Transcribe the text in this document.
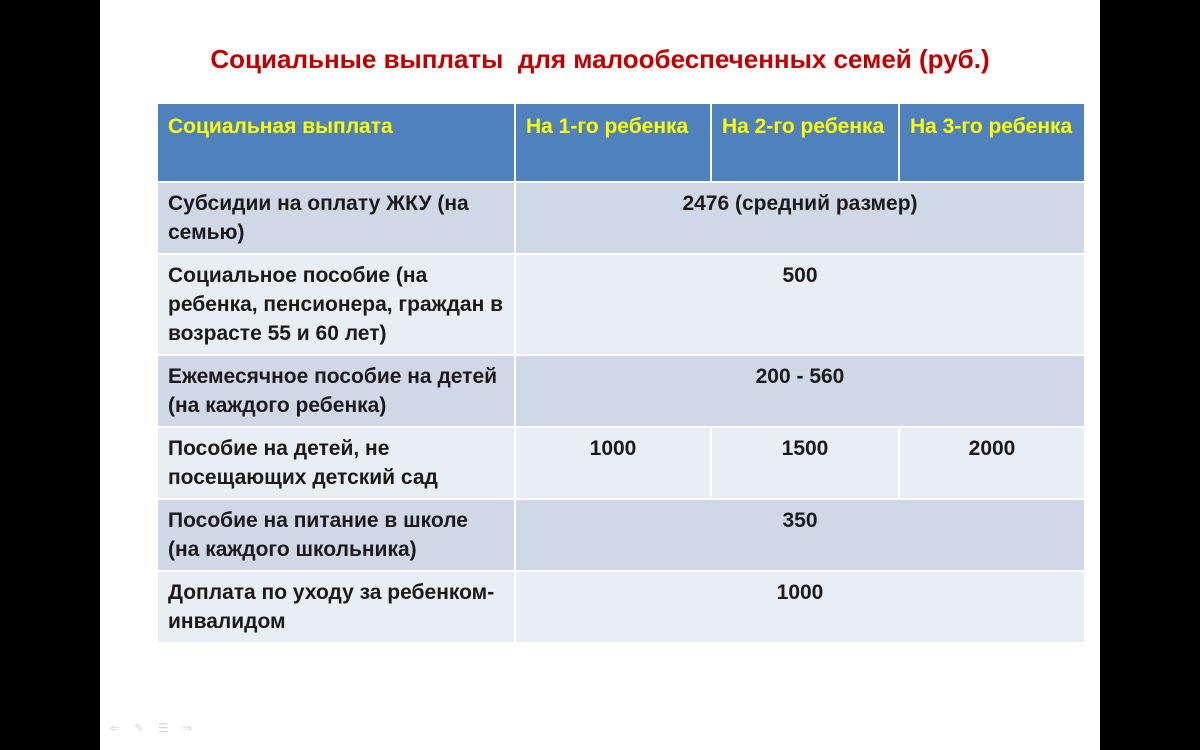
Социальные выплаты  для малообеспеченных семей (руб.)
Социальная выплата	На 1-го ребенка	На 2-го ребенка	На 3-го ребенка
Субсидии на оплату ЖКУ (на семью)	2476 (средний размер)		
Социальное пособие (на ребенка, пенсионера, граждан в возрасте 55 и 60 лет)	500		
Ежемесячное пособие на детей (на каждого ребенка)	200 - 560		
Пособие на детей, не посещающих детский сад	1000	1500	2000
Пособие на питание в школе (на каждого школьника)	350		
Доплата по уходу за ребенком-инвалидом	1000		
⇐ ✎ ☰ ⇒
